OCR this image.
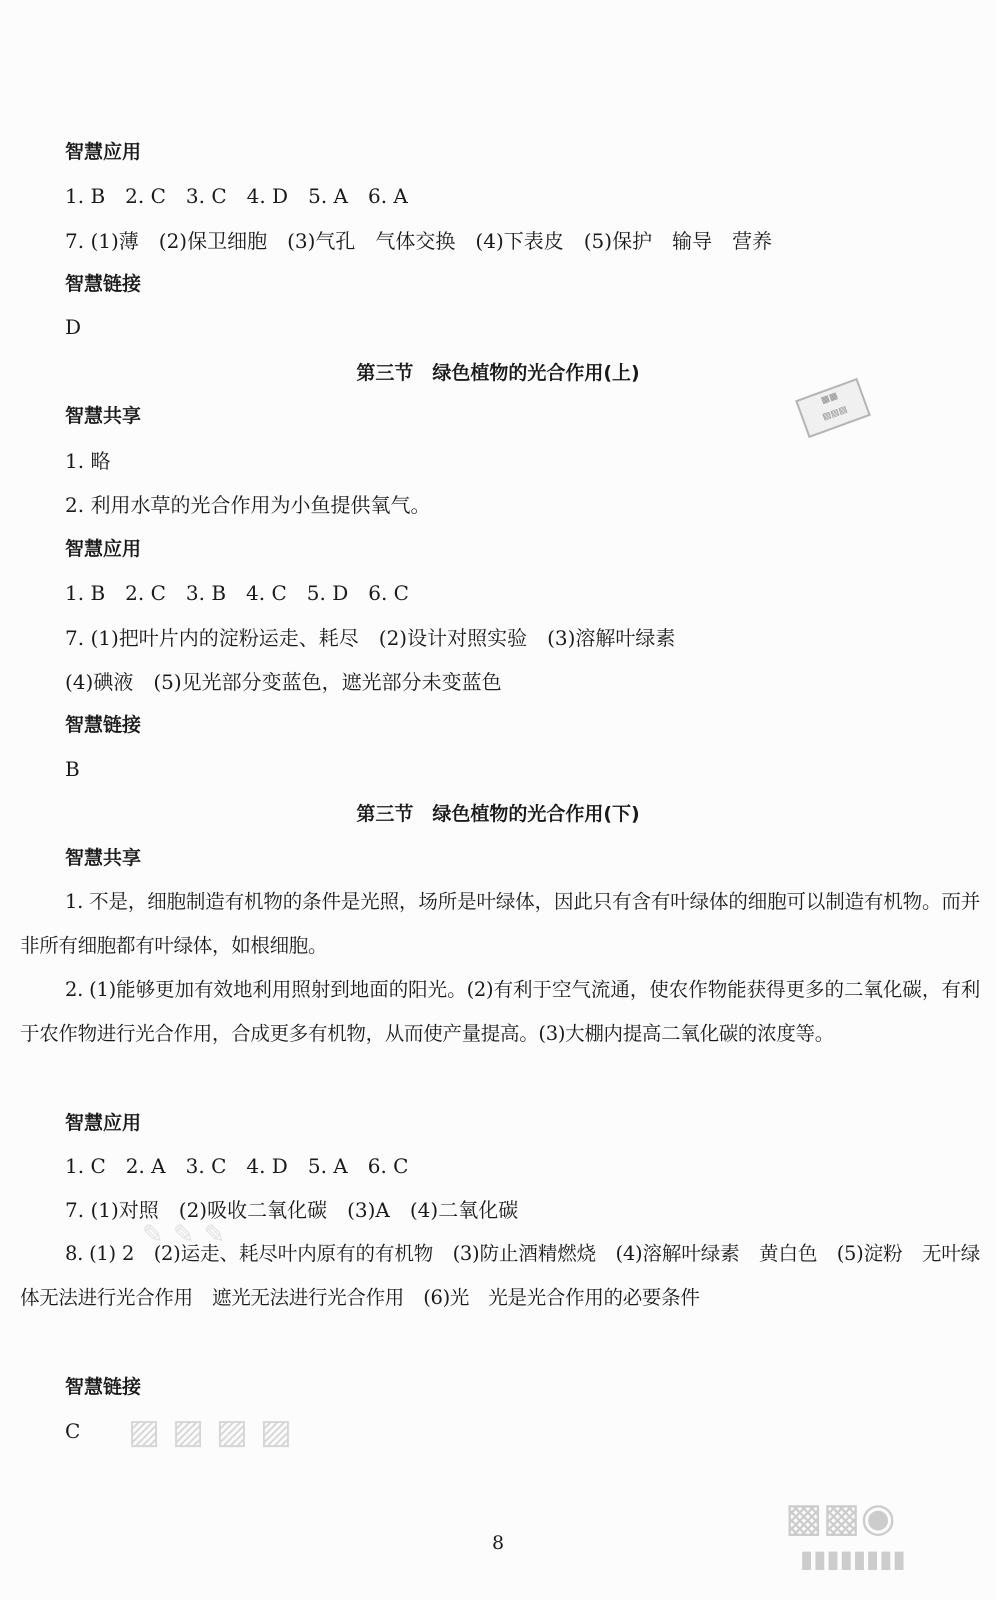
智慧应用
1. B　2. C　3. C　4. D　5. A　6. A
7. (1)薄　(2)保卫细胞　(3)气孔　气体交换　(4)下表皮　(5)保护　输导　营养
智慧链接
D
第三节　绿色植物的光合作用(上)
▦▦
▤▤▤
智慧共享
1. 略
2. 利用水草的光合作用为小鱼提供氧气。
智慧应用
1. B　2. C　3. B　4. C　5. D　6. C
7. (1)把叶片内的淀粉运走、耗尽　(2)设计对照实验　(3)溶解叶绿素
(4)碘液　(5)见光部分变蓝色，遮光部分未变蓝色
智慧链接
B
第三节　绿色植物的光合作用(下)
智慧共享
1. 不是，细胞制造有机物的条件是光照，场所是叶绿体，因此只有含有叶绿体的细胞可以制造有机物。而并非所有细胞都有叶绿体，如根细胞。
2. (1)能够更加有效地利用照射到地面的阳光。(2)有利于空气流通，使农作物能获得更多的二氧化碳，有利于农作物进行光合作用，合成更多有机物，从而使产量提高。(3)大棚内提高二氧化碳的浓度等。
智慧应用
1. C　2. A　3. C　4. D　5. A　6. C
7. (1)对照　(2)吸收二氧化碳　(3)A　(4)二氧化碳
8. (1) 2　(2)运走、耗尽叶内原有的有机物　(3)防止酒精燃烧　(4)溶解叶绿素　黄白色　(5)淀粉　无叶绿体无法进行光合作用　遮光无法进行光合作用　(6)光　光是光合作用的必要条件
智慧链接
C
✎ ✎ ✎
▨ ▨ ▨ ▨
▩▩◉
▮▮▮▮▮▮▮▮
8
